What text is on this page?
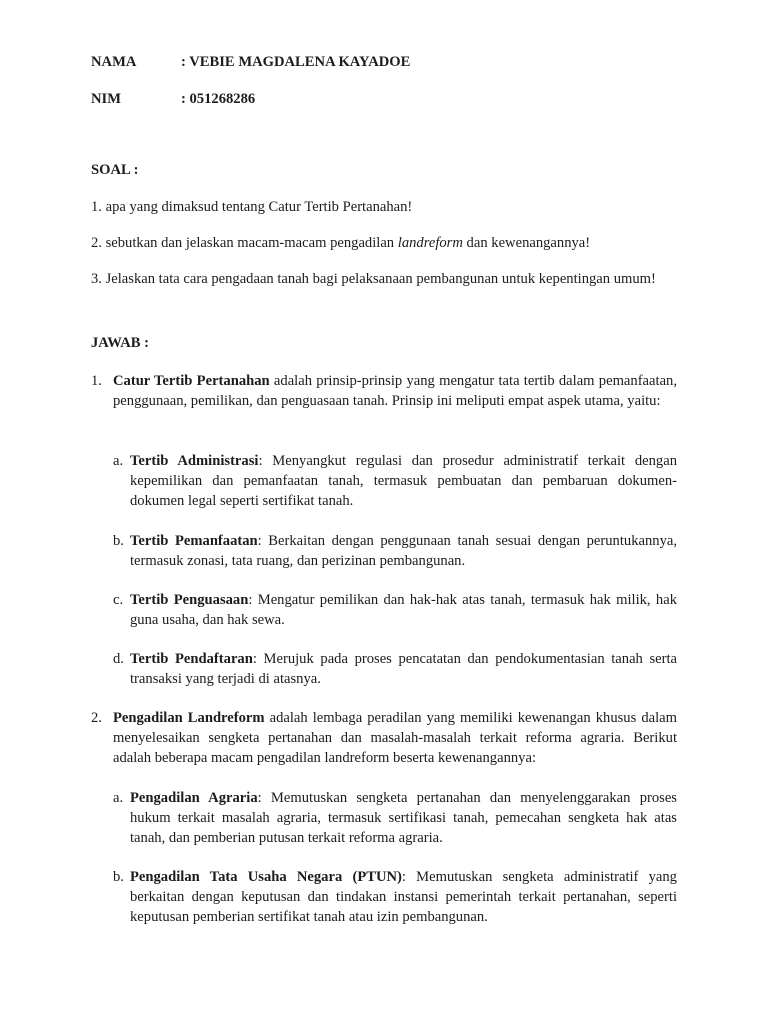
NAMA	: VEBIE MAGDALENA KAYADOE
NIM	: 051268286
SOAL :
1. apa yang dimaksud tentang Catur Tertib Pertanahan!
2. sebutkan dan jelaskan macam-macam pengadilan landreform dan kewenangannya!
3. Jelaskan tata cara pengadaan tanah bagi pelaksanaan pembangunan untuk kepentingan umum!
JAWAB :
1. Catur Tertib Pertanahan adalah prinsip-prinsip yang mengatur tata tertib dalam pemanfaatan, penggunaan, pemilikan, dan penguasaan tanah. Prinsip ini meliputi empat aspek utama, yaitu:
a. Tertib Administrasi: Menyangkut regulasi dan prosedur administratif terkait dengan kepemilikan dan pemanfaatan tanah, termasuk pembuatan dan pembaruan dokumen-dokumen legal seperti sertifikat tanah.
b. Tertib Pemanfaatan: Berkaitan dengan penggunaan tanah sesuai dengan peruntukannya, termasuk zonasi, tata ruang, dan perizinan pembangunan.
c. Tertib Penguasaan: Mengatur pemilikan dan hak-hak atas tanah, termasuk hak milik, hak guna usaha, dan hak sewa.
d. Tertib Pendaftaran: Merujuk pada proses pencatatan dan pendokumentasian tanah serta transaksi yang terjadi di atasnya.
2. Pengadilan Landreform adalah lembaga peradilan yang memiliki kewenangan khusus dalam menyelesaikan sengketa pertanahan dan masalah-masalah terkait reforma agraria. Berikut adalah beberapa macam pengadilan landreform beserta kewenangannya:
a. Pengadilan Agraria: Memutuskan sengketa pertanahan dan menyelenggarakan proses hukum terkait masalah agraria, termasuk sertifikasi tanah, pemecahan sengketa hak atas tanah, dan pemberian putusan terkait reforma agraria.
b. Pengadilan Tata Usaha Negara (PTUN): Memutuskan sengketa administratif yang berkaitan dengan keputusan dan tindakan instansi pemerintah terkait pertanahan, seperti keputusan pemberian sertifikat tanah atau izin pembangunan.
